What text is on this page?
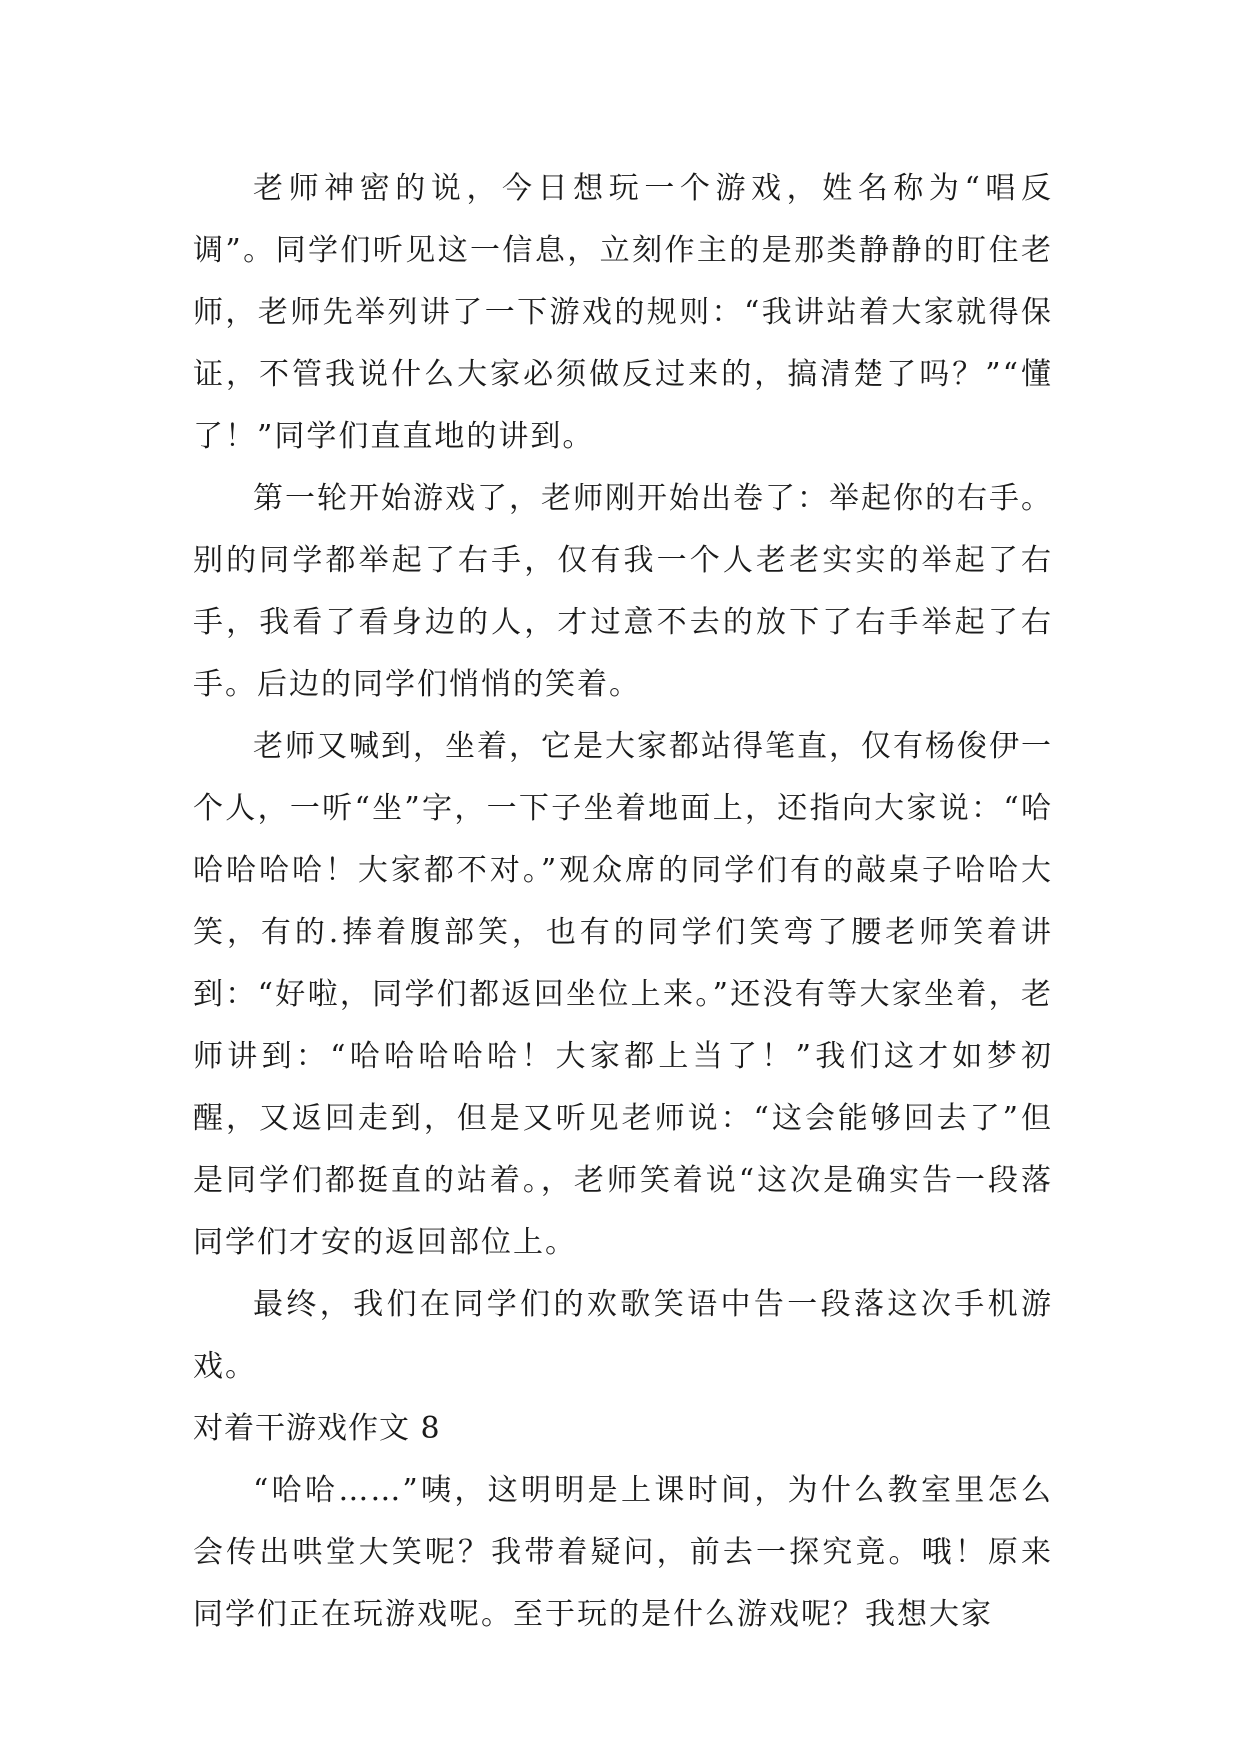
老师神密的说，今日想玩一个游戏，姓名称为“唱反调”。同学们听见这一信息，立刻作主的是那类静静的盯住老师，老师先举列讲了一下游戏的规则：“我讲站着大家就得保证，不管我说什么大家必须做反过来的，搞清楚了吗？”“懂了！”同学们直直地的讲到。

第一轮开始游戏了，老师刚开始出卷了：举起你的右手。别的同学都举起了右手，仅有我一个人老老实实的举起了右手，我看了看身边的人，才过意不去的放下了右手举起了右手。后边的同学们悄悄的笑着。

老师又喊到，坐着，它是大家都站得笔直，仅有杨俊伊一个人，一听“坐”字，一下子坐着地面上，还指向大家说：“哈哈哈哈哈！大家都不对。”观众席的同学们有的敲桌子哈哈大笑，有的.捧着腹部笑，也有的同学们笑弯了腰老师笑着讲到：“好啦，同学们都返回坐位上来。”还没有等大家坐着，老师讲到：“哈哈哈哈哈！大家都上当了！”我们这才如梦初醒，又返回走到，但是又听见老师说：“这会能够回去了”但是同学们都挺直的站着。，老师笑着说“这次是确实告一段落同学们才安的返回部位上。

最终，我们在同学们的欢歌笑语中告一段落这次手机游戏。

对着干游戏作文 8

“哈哈……”咦，这明明是上课时间，为什么教室里怎么会传出哄堂大笑呢？我带着疑问，前去一探究竟。哦！原来同学们正在玩游戏呢。至于玩的是什么游戏呢？我想大家
